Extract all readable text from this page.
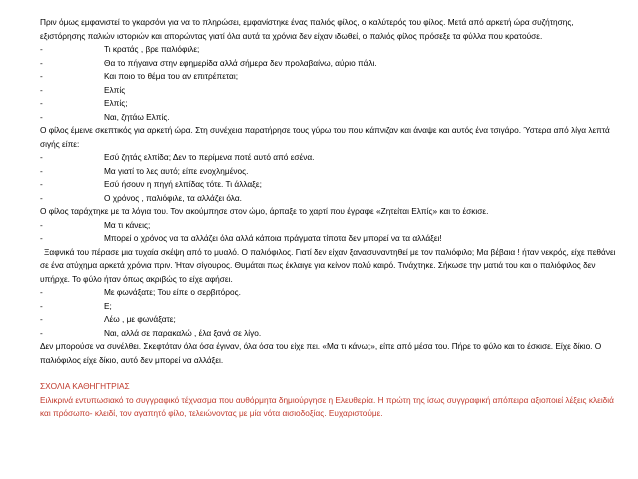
Πριν όμως εμφανιστεί το γκαρσόνι για να το πληρώσει, εμφανίστηκε ένας παλιός φίλος, ο καλύτερός του φίλος. Μετά από αρκετή ώρα συζήτησης, εξιστόρησης παλιών ιστοριών και απορώντας γιατί όλα αυτά τα χρόνια δεν είχαν ιδωθεί, ο παλιός φίλος πρόσεξε τα φύλλα που κρατούσε.

-	Τι κρατάς , βρε παλιόφιλε;
-	Θα το πήγαινα στην εφημερίδα αλλά σήμερα δεν προλαβαίνω, αύριο πάλι.
-	Και ποιο το θέμα του αν επιτρέπεται;
-	Ελπίς
-	Ελπίς;
-	Ναι, ζητάω Ελπίς.

Ο φίλος έμεινε σκεπτικός για αρκετή ώρα. Στη συνέχεια παρατήρησε τους γύρω του που κάπνιζαν και άναψε και αυτός ένα τσιγάρο. Ύστερα από λίγα λεπτά σιγής είπε:

-	Εσύ ζητάς ελπίδα; Δεν το περίμενα ποτέ αυτό από εσένα.
-	Μα γιατί το λες αυτό; είπε ενοχλημένος.
-	Εσύ ήσουν η πηγή ελπίδας τότε. Τι άλλαξε;
-	Ο χρόνος , παλιόφιλε, τα αλλάζει όλα.

Ο φίλος ταράχτηκε με τα λόγια του. Τον ακούμπησε στον ώμο, άρπαξε το χαρτί που έγραφε «Ζητείται Ελπίς» και το έσκισε.

-	Μα τι κάνεις;
-	Μπορεί ο χρόνος να τα αλλάζει όλα αλλά κάποια πράγματα τίποτα δεν μπορεί να τα αλλάξει!

Ξαφνικά του πέρασε μια τυχαία σκέψη από το μυαλό. Ο παλιόφιλος. Γιατί δεν είχαν ξανασυναντηθεί με τον παλιόφιλο; Μα βέβαια ! ήταν νεκρός, είχε πεθάνει σε ένα ατύχημα αρκετά χρόνια πριν. Ήταν σίγουρος. Θυμάται πως έκλαιγε για κείνον πολύ καιρό. Τινάχτηκε. Σήκωσε την ματιά του και ο παλιόφιλος δεν υπήρχε. Το φύλο ήταν όπως ακριβώς το είχε αφήσει.

-	Με φωνάξατε; Του είπε ο σερβιτόρος.
-	Ε;
-	Λέω , με φωνάξατε;
-	Ναι, αλλά σε παρακαλώ , έλα ξανά σε λίγο.

Δεν μπορούσε να συνέλθει. Σκεφτόταν όλα όσα έγιναν, όλα όσα του είχε πει. «Μα τι κάνω;», είπε από μέσα του. Πήρε το φύλο και το έσκισε. Είχε δίκιο. Ο παλιόφιλος είχε δίκιο, αυτό δεν μπορεί να αλλάξει.

ΣΧΟΛΙΑ ΚΑΘΗΓΗΤΡΙΑΣ

Ειλικρινά εντυπωσιακό το συγγραφικό τέχνασμα που αυθόρμητα δημιούργησε η Ελευθερία. Η πρώτη της ίσως συγγραφική απόπειρα αξιοποιεί λέξεις κλειδιά και πρόσωπο- κλειδί, τον αγαπητό φίλο, τελειώνοντας με μία νότα αισιοδοξίας. Ευχαριστούμε.
